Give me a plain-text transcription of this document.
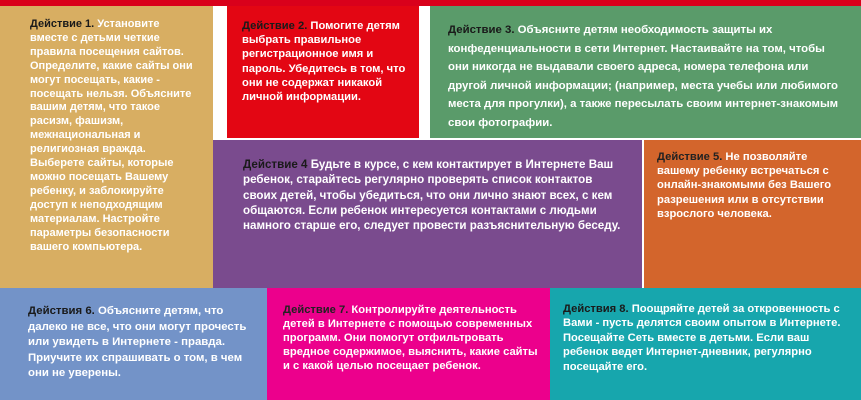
Действие 1. Установите вместе с детьми четкие правила посещения сайтов. Определите, какие сайты они могут посещать, какие - посещать нельзя. Объясните вашим детям, что такое расизм, фашизм, межнациональная и религиозная вражда. Выберете сайты, которые можно посещать Вашему ребенку, и заблокируйте доступ к неподходящим материалам. Настройте параметры безопасности вашего компьютера.
Действие 2. Помогите детям выбрать правильное регистрационное имя и пароль. Убедитесь в том, что они не содержат никакой личной информации.
Действие 3. Объясните детям необходимость защиты их конфеденциальности в сети Интернет. Настаивайте на том, чтобы они никогда не выдавали своего адреса, номера телефона или другой личной информации; (например, места учебы или любимого места для прогулки), а также пересылать своим интернет-знакомым свои фотографии.
Действие 4 Будьте в курсе, с кем контактирует в Интернете Ваш ребенок, старайтесь регулярно проверять список контактов своих детей, чтобы убедиться, что они лично знают всех, с кем общаются. Если ребенок интересуется контактами с людьми намного старше его, следует провести разъяснительную беседу.
Действие 5. Не позволяйте вашему ребенку встречаться с онлайн-знакомыми без Вашего разрешения или в отсутствии взрослого человека.
Действия 6. Объясните детям, что далеко не все, что они могут прочесть или увидеть в Интернете - правда. Приучите их спрашивать о том, в чем они не уверены.
Действие 7. Контролируйте деятельность детей в Интернете с помощью современных программ. Они помогут отфильтровать вредное содержимое, выяснить, какие сайты и с какой целью посещает ребенок.
Действия 8. Поощряйте детей за откровенность с Вами - пусть делятся своим опытом в Интернете. Посещайте Сеть вместе в детьми. Если ваш ребенок ведет Интернет-дневник, регулярно посещайте его.
